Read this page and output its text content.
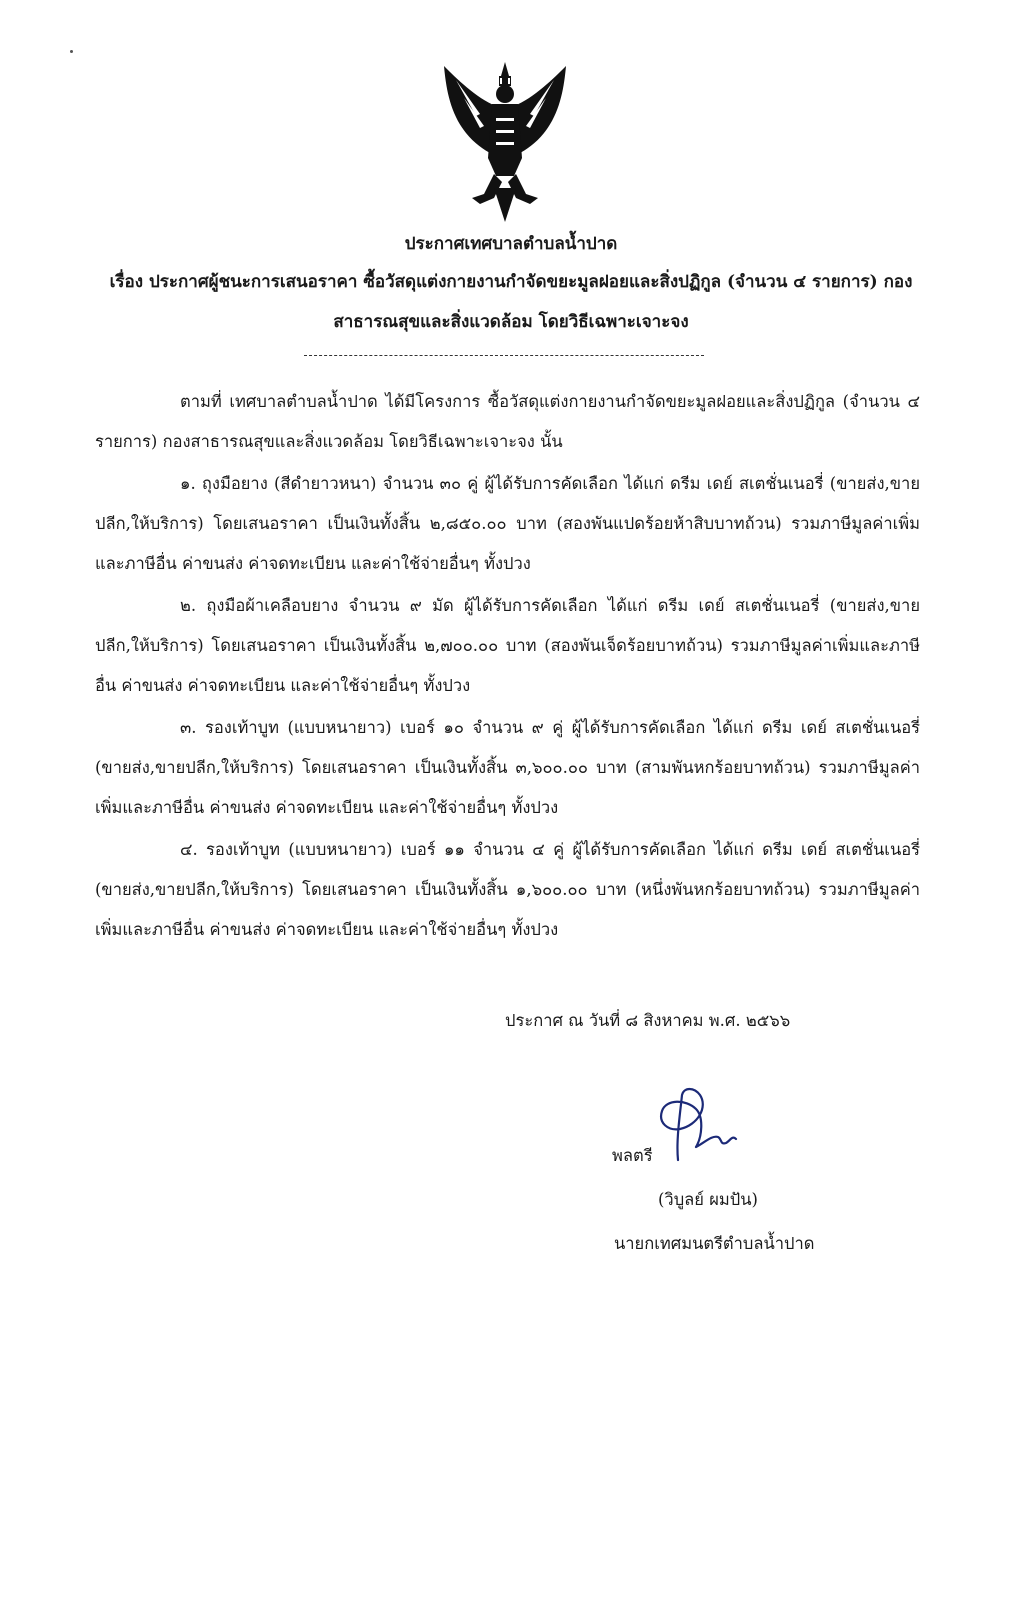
ประกาศเทศบาลตำบลน้ำปาด
เรื่อง ประกาศผู้ชนะการเสนอราคา ซื้อวัสดุแต่งกายงานกำจัดขยะมูลฝอยและสิ่งปฏิกูล (จำนวน ๔ รายการ) กอง
สาธารณสุขและสิ่งแวดล้อม โดยวิธีเฉพาะเจาะจง
ตามที่ เทศบาลตำบลน้ำปาด ได้มีโครงการ ซื้อวัสดุแต่งกายงานกำจัดขยะมูลฝอยและสิ่งปฏิกูล (จำนวน ๔ รายการ) กองสาธารณสุขและสิ่งแวดล้อม โดยวิธีเฉพาะเจาะจง นั้น
๑. ถุงมือยาง (สีดำยาวหนา) จำนวน ๓๐ คู่ ผู้ได้รับการคัดเลือก ได้แก่ ดรีม เดย์ สเตชั่นเนอรี่ (ขายส่ง,ขายปลีก,ให้บริการ) โดยเสนอราคา เป็นเงินทั้งสิ้น ๒,๘๕๐.๐๐ บาท (สองพันแปดร้อยห้าสิบบาทถ้วน) รวมภาษีมูลค่าเพิ่มและภาษีอื่น ค่าขนส่ง ค่าจดทะเบียน และค่าใช้จ่ายอื่นๆ ทั้งปวง
๒. ถุงมือผ้าเคลือบยาง จำนวน ๙ มัด ผู้ได้รับการคัดเลือก ได้แก่ ดรีม เดย์ สเตชั่นเนอรี่ (ขายส่ง,ขายปลีก,ให้บริการ) โดยเสนอราคา เป็นเงินทั้งสิ้น ๒,๗๐๐.๐๐ บาท (สองพันเจ็ดร้อยบาทถ้วน) รวมภาษีมูลค่าเพิ่มและภาษีอื่น ค่าขนส่ง ค่าจดทะเบียน และค่าใช้จ่ายอื่นๆ ทั้งปวง
๓. รองเท้าบูท (แบบหนายาว) เบอร์ ๑๐ จำนวน ๙ คู่ ผู้ได้รับการคัดเลือก ได้แก่ ดรีม เดย์ สเตชั่นเนอรี่ (ขายส่ง,ขายปลีก,ให้บริการ) โดยเสนอราคา เป็นเงินทั้งสิ้น ๓,๖๐๐.๐๐ บาท (สามพันหกร้อยบาทถ้วน) รวมภาษีมูลค่าเพิ่มและภาษีอื่น ค่าขนส่ง ค่าจดทะเบียน และค่าใช้จ่ายอื่นๆ ทั้งปวง
๔. รองเท้าบูท (แบบหนายาว) เบอร์ ๑๑ จำนวน ๔ คู่ ผู้ได้รับการคัดเลือก ได้แก่ ดรีม เดย์ สเตชั่นเนอรี่ (ขายส่ง,ขายปลีก,ให้บริการ) โดยเสนอราคา เป็นเงินทั้งสิ้น ๑,๖๐๐.๐๐ บาท (หนึ่งพันหกร้อยบาทถ้วน) รวมภาษีมูลค่าเพิ่มและภาษีอื่น ค่าขนส่ง ค่าจดทะเบียน และค่าใช้จ่ายอื่นๆ ทั้งปวง
ประกาศ ณ วันที่ ๘ สิงหาคม พ.ศ. ๒๕๖๖
พลตรี
(วิบูลย์ ผมปัน)
นายกเทศมนตรีตำบลน้ำปาด
